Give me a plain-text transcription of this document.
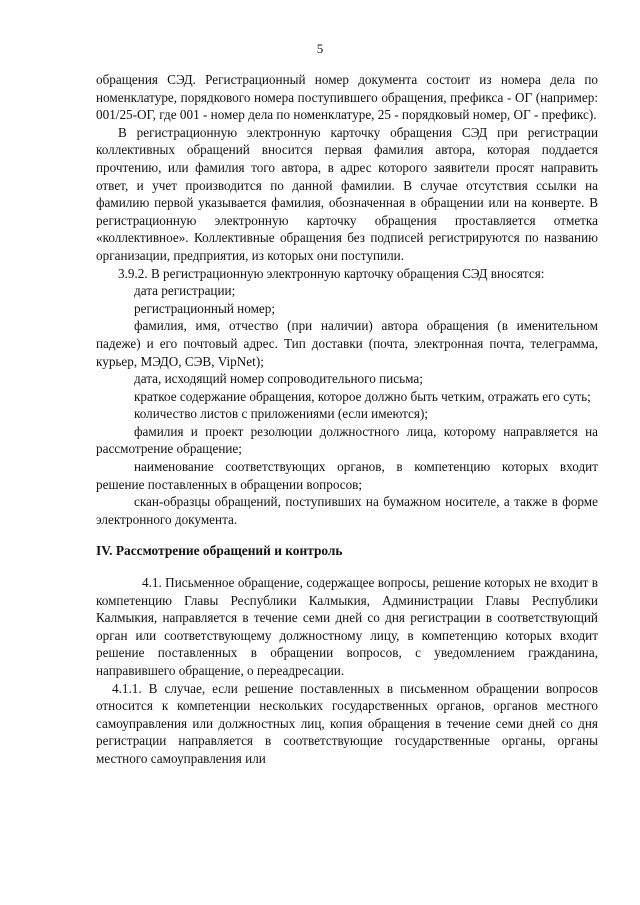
5

обращения СЭД. Регистрационный номер документа состоит из номера дела по номенклатуре, порядкового номера поступившего обращения, префикса - ОГ (например: 001/25-ОГ, где 001 - номер дела по номенклатуре, 25 - порядковый номер, ОГ - префикс).

В регистрационную электронную карточку обращения СЭД при регистрации коллективных обращений вносится первая фамилия автора, которая поддается прочтению, или фамилия того автора, в адрес которого заявители просят направить ответ, и учет производится по данной фамилии. В случае отсутствия ссылки на фамилию первой указывается фамилия, обозначенная в обращении или на конверте. В регистрационную электронную карточку обращения проставляется отметка «коллективное». Коллективные обращения без подписей регистрируются по названию организации, предприятия, из которых они поступили.

3.9.2. В регистрационную электронную карточку обращения СЭД вносятся:

дата регистрации;

регистрационный номер;

фамилия, имя, отчество (при наличии) автора обращения (в именительном падеже) и его почтовый адрес. Тип доставки (почта, электронная почта, телеграмма, курьер, МЭДО, СЭВ, VipNet);

дата, исходящий номер сопроводительного письма;

краткое содержание обращения, которое должно быть четким, отражать его суть;

количество листов с приложениями (если имеются);

фамилия и проект резолюции должностного лица, которому направляется на рассмотрение обращение;

наименование соответствующих органов, в компетенцию которых входит решение поставленных в обращении вопросов;

скан-образцы обращений, поступивших на бумажном носителе, а также в форме электронного документа.

IV. Рассмотрение обращений и контроль

4.1. Письменное обращение, содержащее вопросы, решение которых не входит в компетенцию Главы Республики Калмыкия, Администрации Главы Республики Калмыкия, направляется в течение семи дней со дня регистрации в соответствующий орган или соответствующему должностному лицу, в компетенцию которых входит решение поставленных в обращении вопросов, с уведомлением гражданина, направившего обращение, о переадресации.

4.1.1. В случае, если решение поставленных в письменном обращении вопросов относится к компетенции нескольких государственных органов, органов местного самоуправления или должностных лиц, копия обращения в течение семи дней со дня регистрации направляется в соответствующие государственные органы, органы местного самоуправления или
